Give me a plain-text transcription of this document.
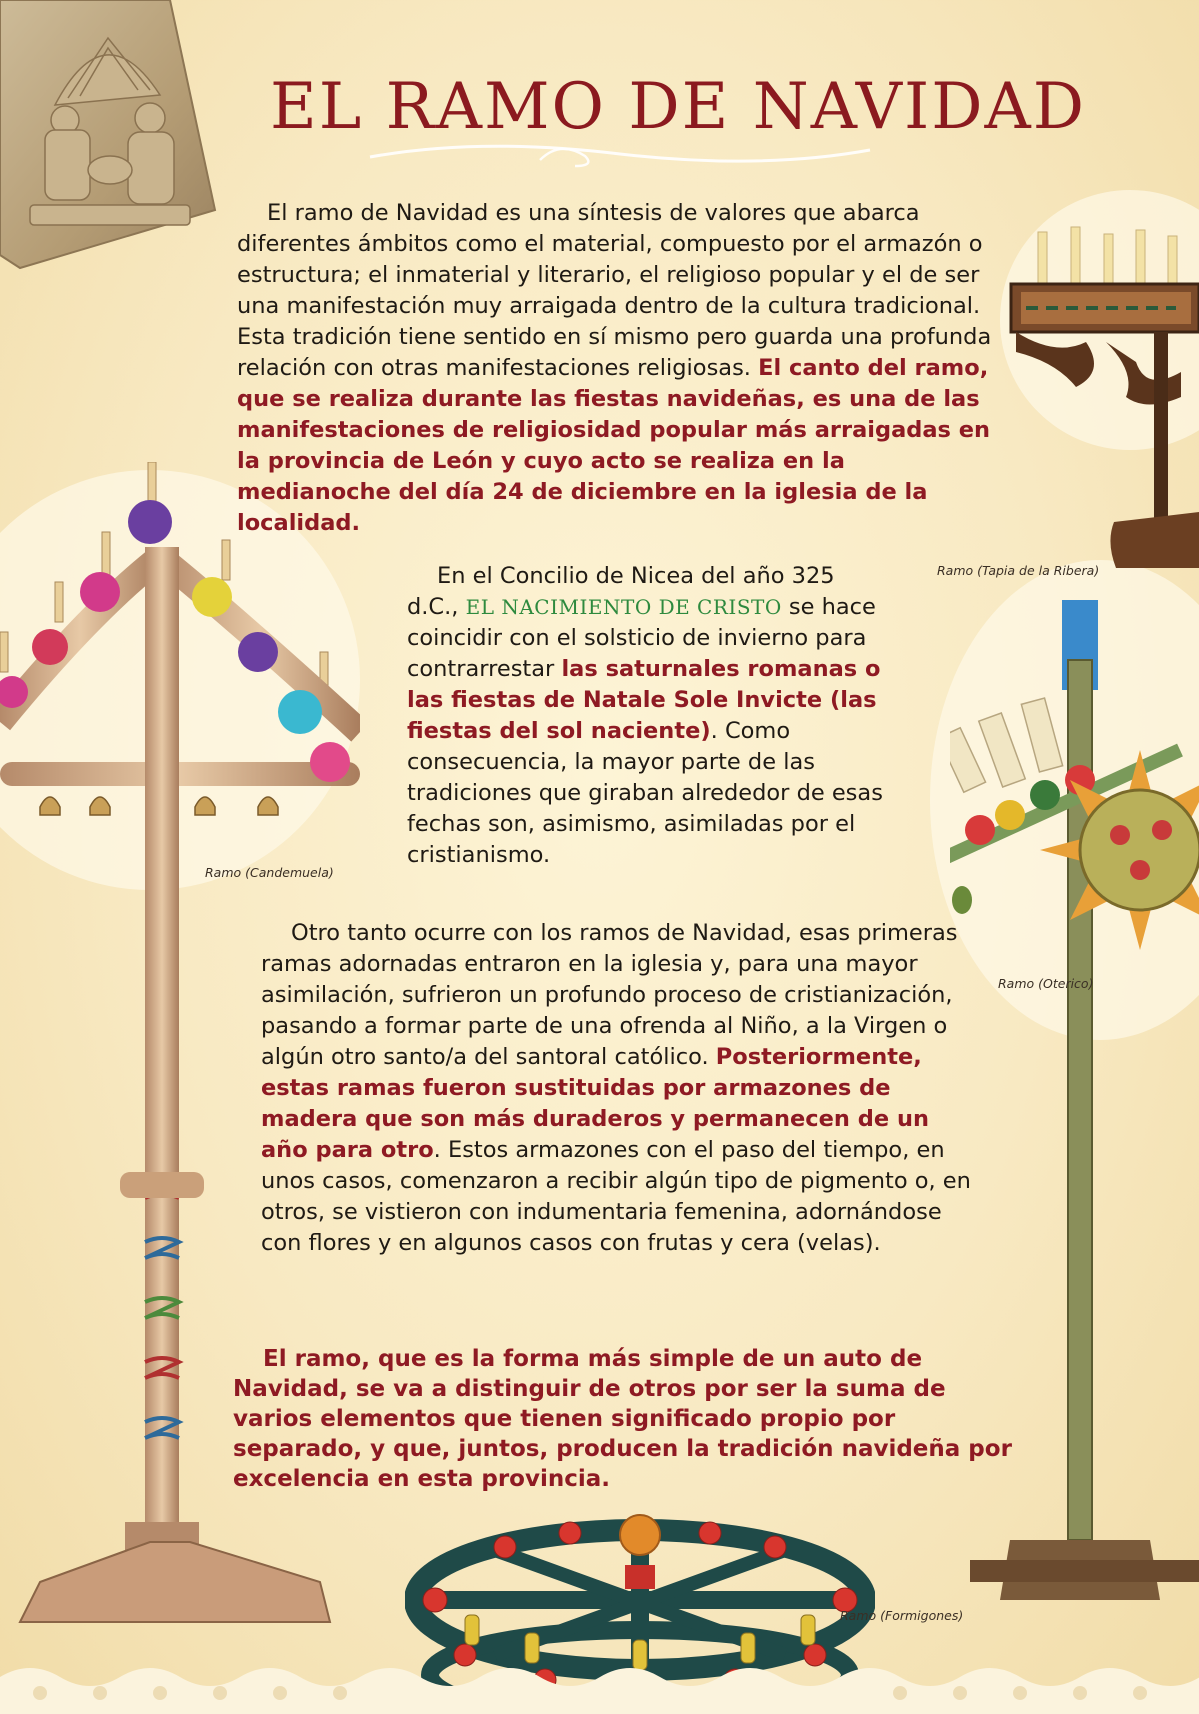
EL RAMO DE NAVIDAD

El ramo de Navidad es una síntesis de valores que abarca diferentes ámbitos como el material, compuesto por el armazón o estructura; el inmaterial y literario, el religioso popular y el de ser una manifestación muy arraigada dentro de la cultura tradicional. Esta tradición tiene sentido en sí mismo pero guarda una profunda relación con otras manifestaciones religiosas. El canto del ramo, que se realiza durante las fiestas navideñas, es una de las manifestaciones de religiosidad popular más arraigadas en la provincia de León y cuyo acto se realiza en la medianoche del día 24 de diciembre en la iglesia de la localidad.

Ramo (Tapia de la Ribera)
Ramo (Candemuela)

En el Concilio de Nicea del año 325 d.C., EL NACIMIENTO DE CRISTO se hace coincidir con el solsticio de invierno para contrarrestar las saturnales romanas o las fiestas de Natale Sole Invicte (las fiestas del sol naciente). Como consecuencia, la mayor parte de las tradiciones que giraban alrededor de esas fechas son, asimismo, asimiladas por el cristianismo.

Ramo (Oterico)

Otro tanto ocurre con los ramos de Navidad, esas primeras ramas adornadas entraron en la iglesia y, para una mayor asimilación, sufrieron un profundo proceso de cristianización, pasando a formar parte de una ofrenda al Niño, a la Virgen o algún otro santo/a del santoral católico. Posteriormente, estas ramas fueron sustituidas por armazones de madera que son más duraderos y permanecen de un año para otro. Estos armazones con el paso del tiempo, en unos casos, comenzaron a recibir algún tipo de pigmento o, en otros, se vistieron con indumentaria femenina, adornándose con flores y en algunos casos con frutas y cera (velas).

El ramo, que es la forma más simple de un auto de Navidad, se va a distinguir de otros por ser la suma de varios elementos que tienen significado propio por separado, y que, juntos, producen la tradición navideña por excelencia en esta provincia.

Ramo (Formigones)
